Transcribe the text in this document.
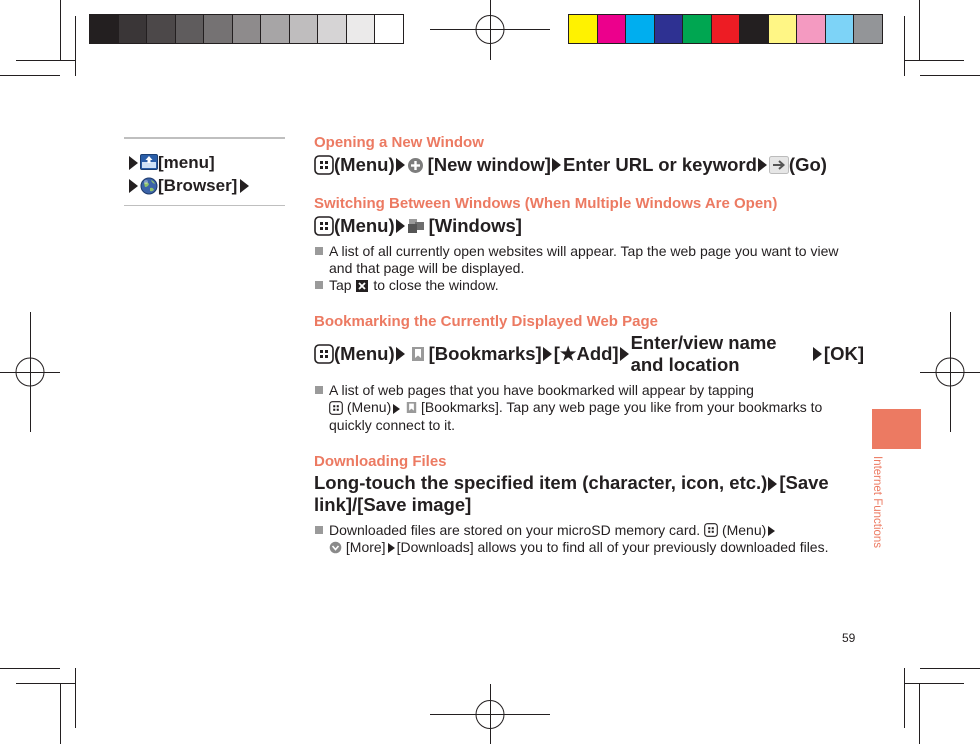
[menu]
[Browser]

Opening a New Window

(Menu) [New window] Enter URL or keyword (Go)

Switching Between Windows (When Multiple Windows Are Open)

(Menu) [Windows]

A list of all currently open websites will appear. Tap the web page you want to view and that page will be displayed.

Tap to close the window.

Bookmarking the Currently Displayed Web Page

(Menu) [Bookmarks] [★Add]
Enter/view name and location
[OK]

A list of web pages that you have bookmarked will appear by tapping

(Menu) [Bookmarks]. Tap any web page you like from your bookmarks to quickly connect to it.

Downloading Files

Long-touch the specified item (character, icon, etc.) [Save link]/[Save image]

Downloaded files are stored on your microSD memory card. (Menu)

[More] [Downloads] allows you to find all of your previously downloaded files.	Internet Functions
59
